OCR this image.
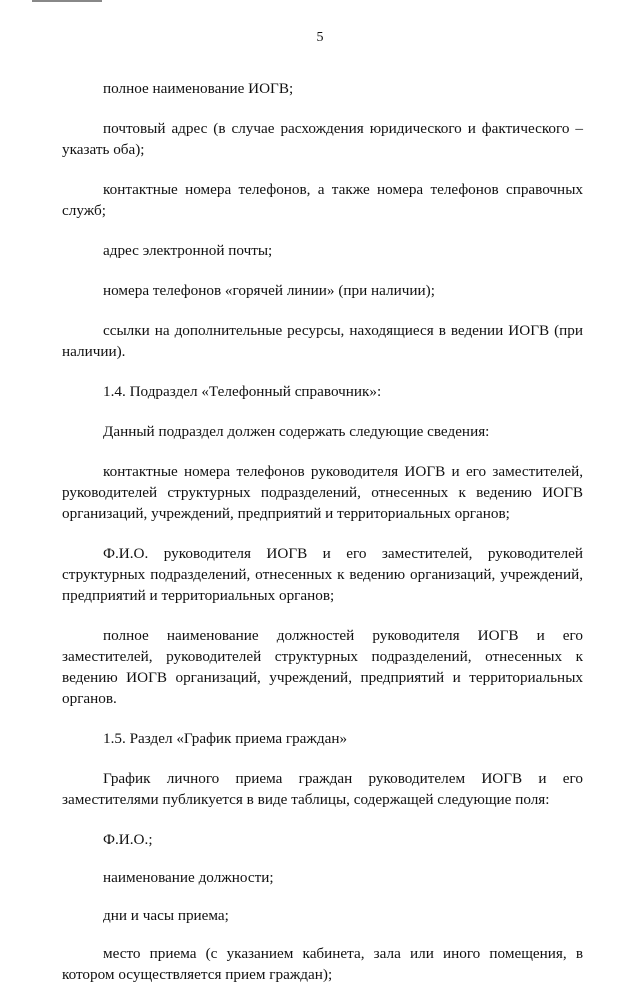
5

полное наименование ИОГВ;

почтовый адрес (в случае расхождения юридического и фактического – указать оба);

контактные номера телефонов, а также номера телефонов справочных служб;

адрес электронной почты;

номера телефонов «горячей линии» (при наличии);

ссылки на дополнительные ресурсы, находящиеся в ведении ИОГВ (при наличии).

1.4. Подраздел «Телефонный справочник»:

Данный подраздел должен содержать следующие сведения:

контактные номера телефонов руководителя ИОГВ и его заместителей, руководителей структурных подразделений, отнесенных к ведению ИОГВ организаций, учреждений, предприятий и территориальных органов;

Ф.И.О. руководителя ИОГВ и его заместителей, руководителей структурных подразделений, отнесенных к ведению организаций, учреждений, предприятий и территориальных органов;

полное наименование должностей руководителя ИОГВ и его заместителей, руководителей структурных подразделений, отнесенных к ведению ИОГВ организаций, учреждений, предприятий и территориальных органов.

1.5. Раздел «График приема граждан»

График личного приема граждан руководителем ИОГВ и его заместителями публикуется в виде таблицы, содержащей следующие поля:

Ф.И.О.;

наименование должности;

дни и часы приема;

место приема (с указанием кабинета, зала или иного помещения, в котором осуществляется прием граждан);
